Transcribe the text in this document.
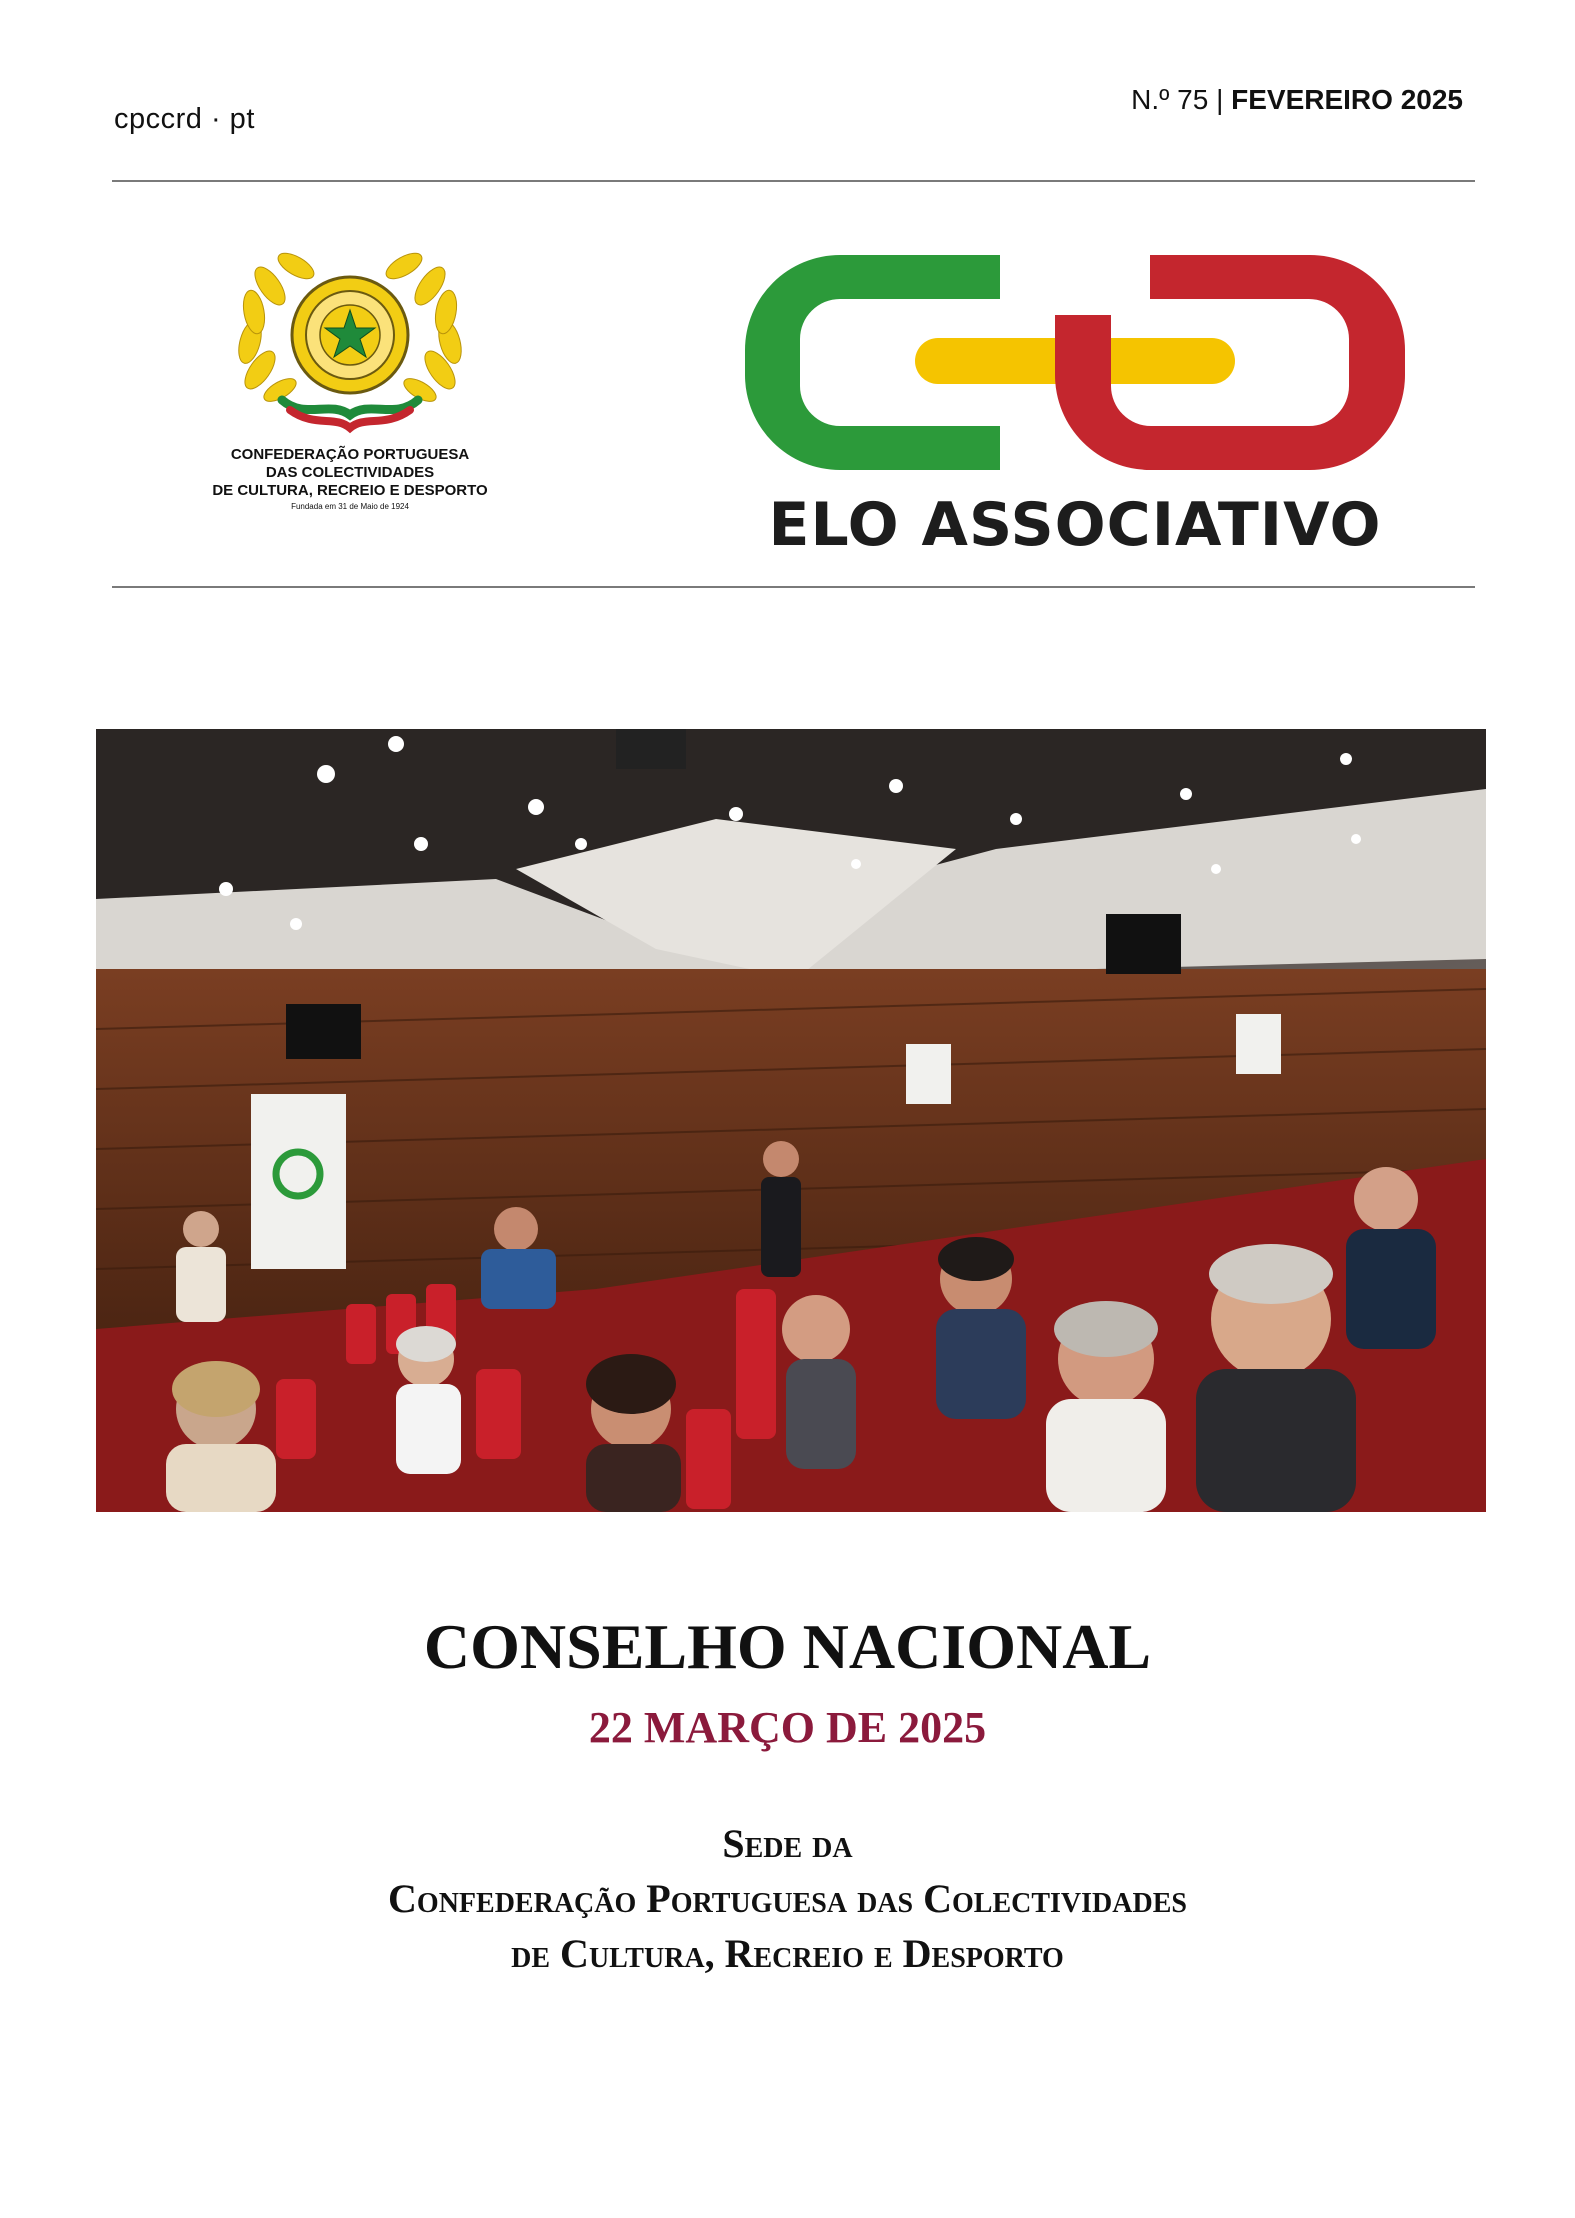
cpccrd · pt
N.º 75 | FEVEREIRO 2025
CONFEDERAÇÃO PORTUGUESA
DAS COLECTIVIDADES
DE CULTURA, RECREIO E DESPORTO
Fundada em 31 de Maio de 1924	ELO ASSOCIATIVO
CONSELHO NACIONAL
22 MARÇO DE 2025
Sede da
Confederação Portuguesa das Colectividades
de Cultura, Recreio e Desporto
